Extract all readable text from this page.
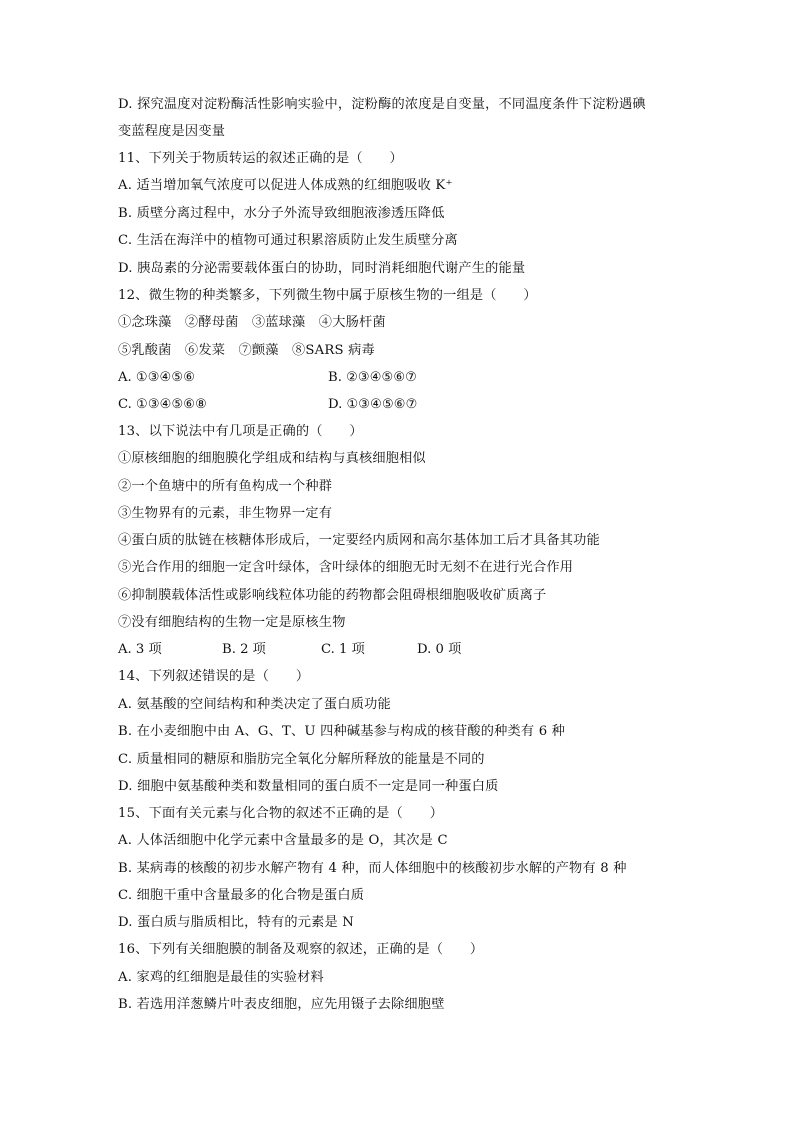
D. 探究温度对淀粉酶活性影响实验中，淀粉酶的浓度是自变量，不同温度条件下淀粉遇碘
变蓝程度是因变量
11、下列关于物质转运的叙述正确的是（　　）
A. 适当增加氧气浓度可以促进人体成熟的红细胞吸收 K⁺
B. 质壁分离过程中，水分子外流导致细胞液渗透压降低
C. 生活在海洋中的植物可通过积累溶质防止发生质壁分离
D. 胰岛素的分泌需要载体蛋白的协助，同时消耗细胞代谢产生的能量
12、微生物的种类繁多，下列微生物中属于原核生物的一组是（　　）
①念珠藻　②酵母菌　③蓝球藻　④大肠杆菌
⑤乳酸菌　⑥发菜　⑦颤藻　⑧SARS 病毒
A. ①③④⑤⑥	B. ②③④⑤⑥⑦
C. ①③④⑤⑥⑧	D. ①③④⑤⑥⑦
13、以下说法中有几项是正确的（　　）
①原核细胞的细胞膜化学组成和结构与真核细胞相似
②一个鱼塘中的所有鱼构成一个种群
③生物界有的元素，非生物界一定有
④蛋白质的肽链在核糖体形成后，一定要经内质网和高尔基体加工后才具备其功能
⑤光合作用的细胞一定含叶绿体，含叶绿体的细胞无时无刻不在进行光合作用
⑥抑制膜载体活性或影响线粒体功能的药物都会阻碍根细胞吸收矿质离子
⑦没有细胞结构的生物一定是原核生物
A. 3 项	B. 2 项	C. 1 项	D. 0 项
14、下列叙述错误的是（　　）
A. 氨基酸的空间结构和种类决定了蛋白质功能
B. 在小麦细胞中由 A、G、T、U 四种碱基参与构成的核苷酸的种类有 6 种
C. 质量相同的糖原和脂肪完全氧化分解所释放的能量是不同的
D. 细胞中氨基酸种类和数量相同的蛋白质不一定是同一种蛋白质
15、下面有关元素与化合物的叙述不正确的是（　　）
A. 人体活细胞中化学元素中含量最多的是 O，其次是 C
B. 某病毒的核酸的初步水解产物有 4 种，而人体细胞中的核酸初步水解的产物有 8 种
C. 细胞干重中含量最多的化合物是蛋白质
D. 蛋白质与脂质相比，特有的元素是 N
16、下列有关细胞膜的制备及观察的叙述，正确的是（　　）
A. 家鸡的红细胞是最佳的实验材料
B. 若选用洋葱鳞片叶表皮细胞，应先用镊子去除细胞壁
